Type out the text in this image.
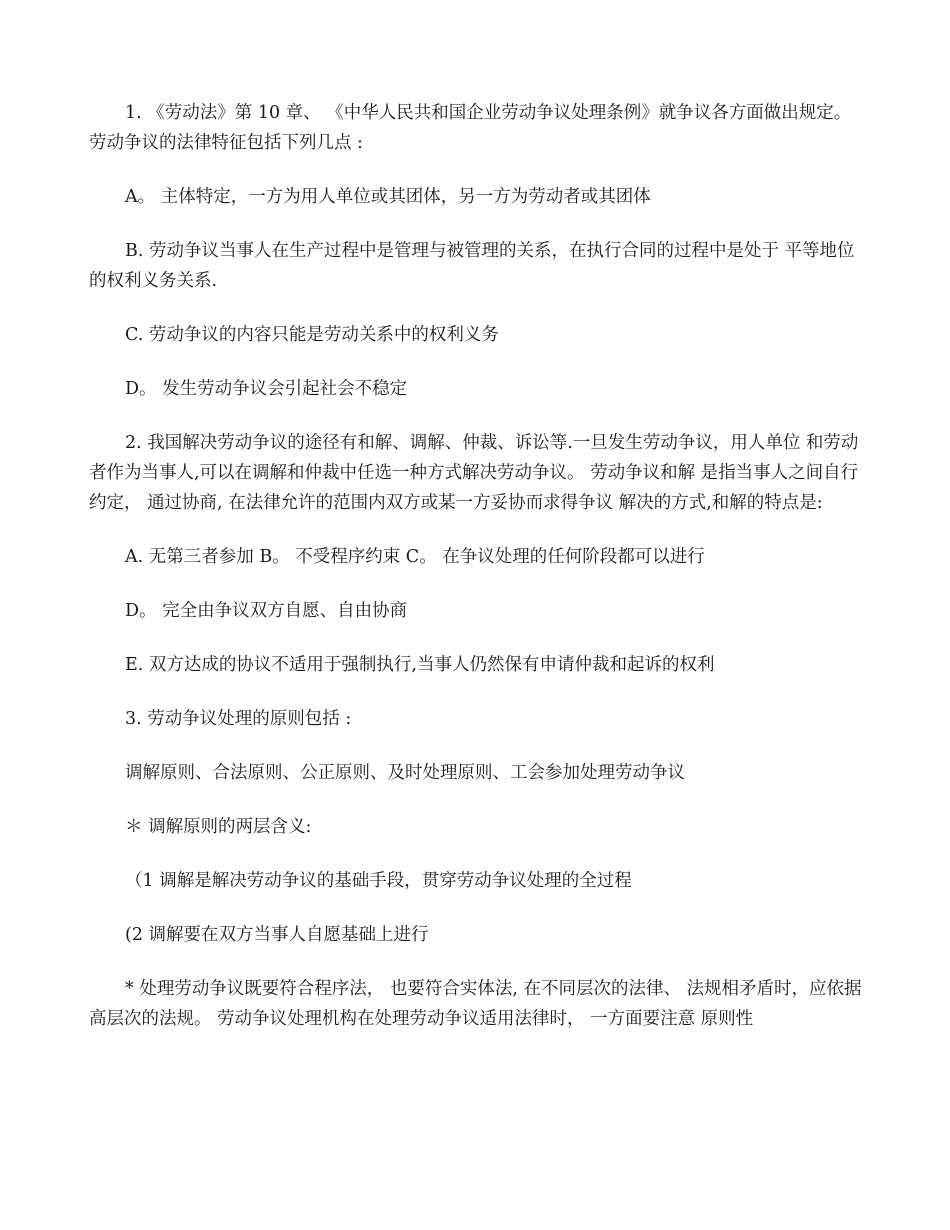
1. 《劳动法》第 10 章、 《中华人民共和国企业劳动争议处理条例》就争议各方面做出规定。 劳动争议的法律特征包括下列几点 :

A。 主体特定，一方为用人单位或其团体，另一方为劳动者或其团体

B. 劳动争议当事人在生产过程中是管理与被管理的关系，在执行合同的过程中是处于 平等地位的权利义务关系.

C. 劳动争议的内容只能是劳动关系中的权利义务

D。 发生劳动争议会引起社会不稳定

2. 我国解决劳动争议的途径有和解、调解、仲裁、诉讼等.一旦发生劳动争议，用人单位 和劳动者作为当事人,可以在调解和仲裁中任选一种方式解决劳动争议。 劳动争议和解 是指当事人之间自行约定， 通过协商, 在法律允许的范围内双方或某一方妥协而求得争议 解决的方式,和解的特点是:

A. 无第三者参加 B。 不受程序约束 C。 在争议处理的任何阶段都可以进行

D。 完全由争议双方自愿、自由协商

E. 双方达成的协议不适用于强制执行,当事人仍然保有申请仲裁和起诉的权利

3. 劳动争议处理的原则包括 :

调解原则、合法原则、公正原则、及时处理原则、工会参加处理劳动争议

＊ 调解原则的两层含义:

（1 调解是解决劳动争议的基础手段，贯穿劳动争议处理的全过程

(2 调解要在双方当事人自愿基础上进行

* 处理劳动争议既要符合程序法， 也要符合实体法, 在不同层次的法律、 法规相矛盾时，应依据高层次的法规。 劳动争议处理机构在处理劳动争议适用法律时， 一方面要注意 原则性
